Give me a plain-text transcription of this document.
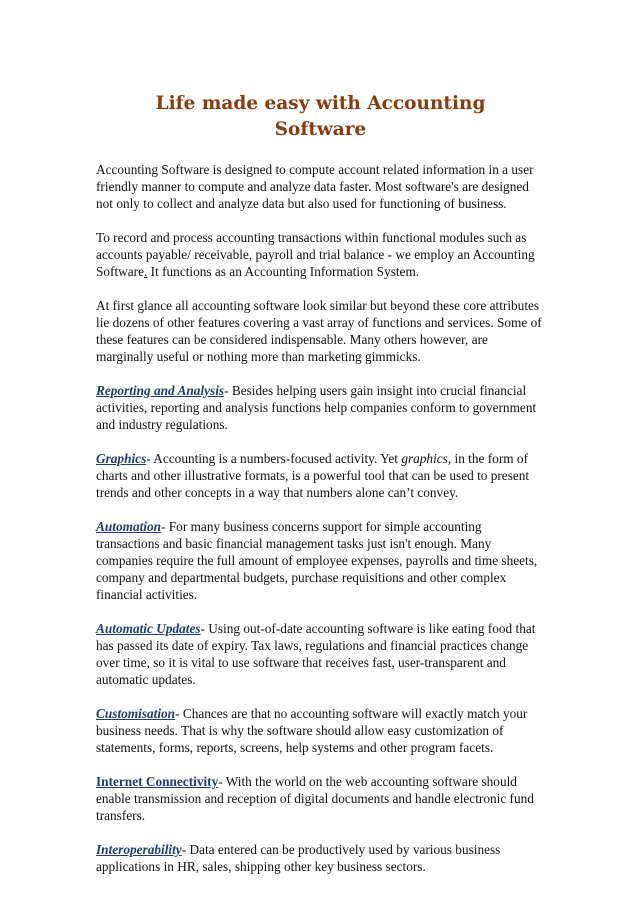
Life made easy with Accounting
Software

Accounting Software is designed to compute account related information in a user friendly manner to compute and analyze data faster. Most software's are designed not only to collect and analyze data but also used for functioning of business.

To record and process accounting transactions within functional modules such as accounts payable/ receivable, payroll and trial balance - we employ an Accounting Software. It functions as an Accounting Information System.

At first glance all accounting software look similar but beyond these core attributes lie dozens of other features covering a vast array of functions and services. Some of these features can be considered indispensable. Many others however, are marginally useful or nothing more than marketing gimmicks.

Reporting and Analysis- Besides helping users gain insight into crucial financial activities, reporting and analysis functions help companies conform to government and industry regulations.

Graphics- Accounting is a numbers-focused activity. Yet graphics, in the form of charts and other illustrative formats, is a powerful tool that can be used to present trends and other concepts in a way that numbers alone can’t convey.

Automation- For many business concerns support for simple accounting transactions and basic financial management tasks just isn't enough. Many companies require the full amount of employee expenses, payrolls and time sheets, company and departmental budgets, purchase requisitions and other complex financial activities.

Automatic Updates- Using out-of-date accounting software is like eating food that has passed its date of expiry. Tax laws, regulations and financial practices change over time, so it is vital to use software that receives fast, user-transparent and automatic updates.

Customisation- Chances are that no accounting software will exactly match your business needs. That is why the software should allow easy customization of statements, forms, reports, screens, help systems and other program facets.

Internet Connectivity- With the world on the web accounting software should enable transmission and reception of digital documents and handle electronic fund transfers.

Interoperability- Data entered can be productively used by various business applications in HR, sales, shipping other key business sectors.
